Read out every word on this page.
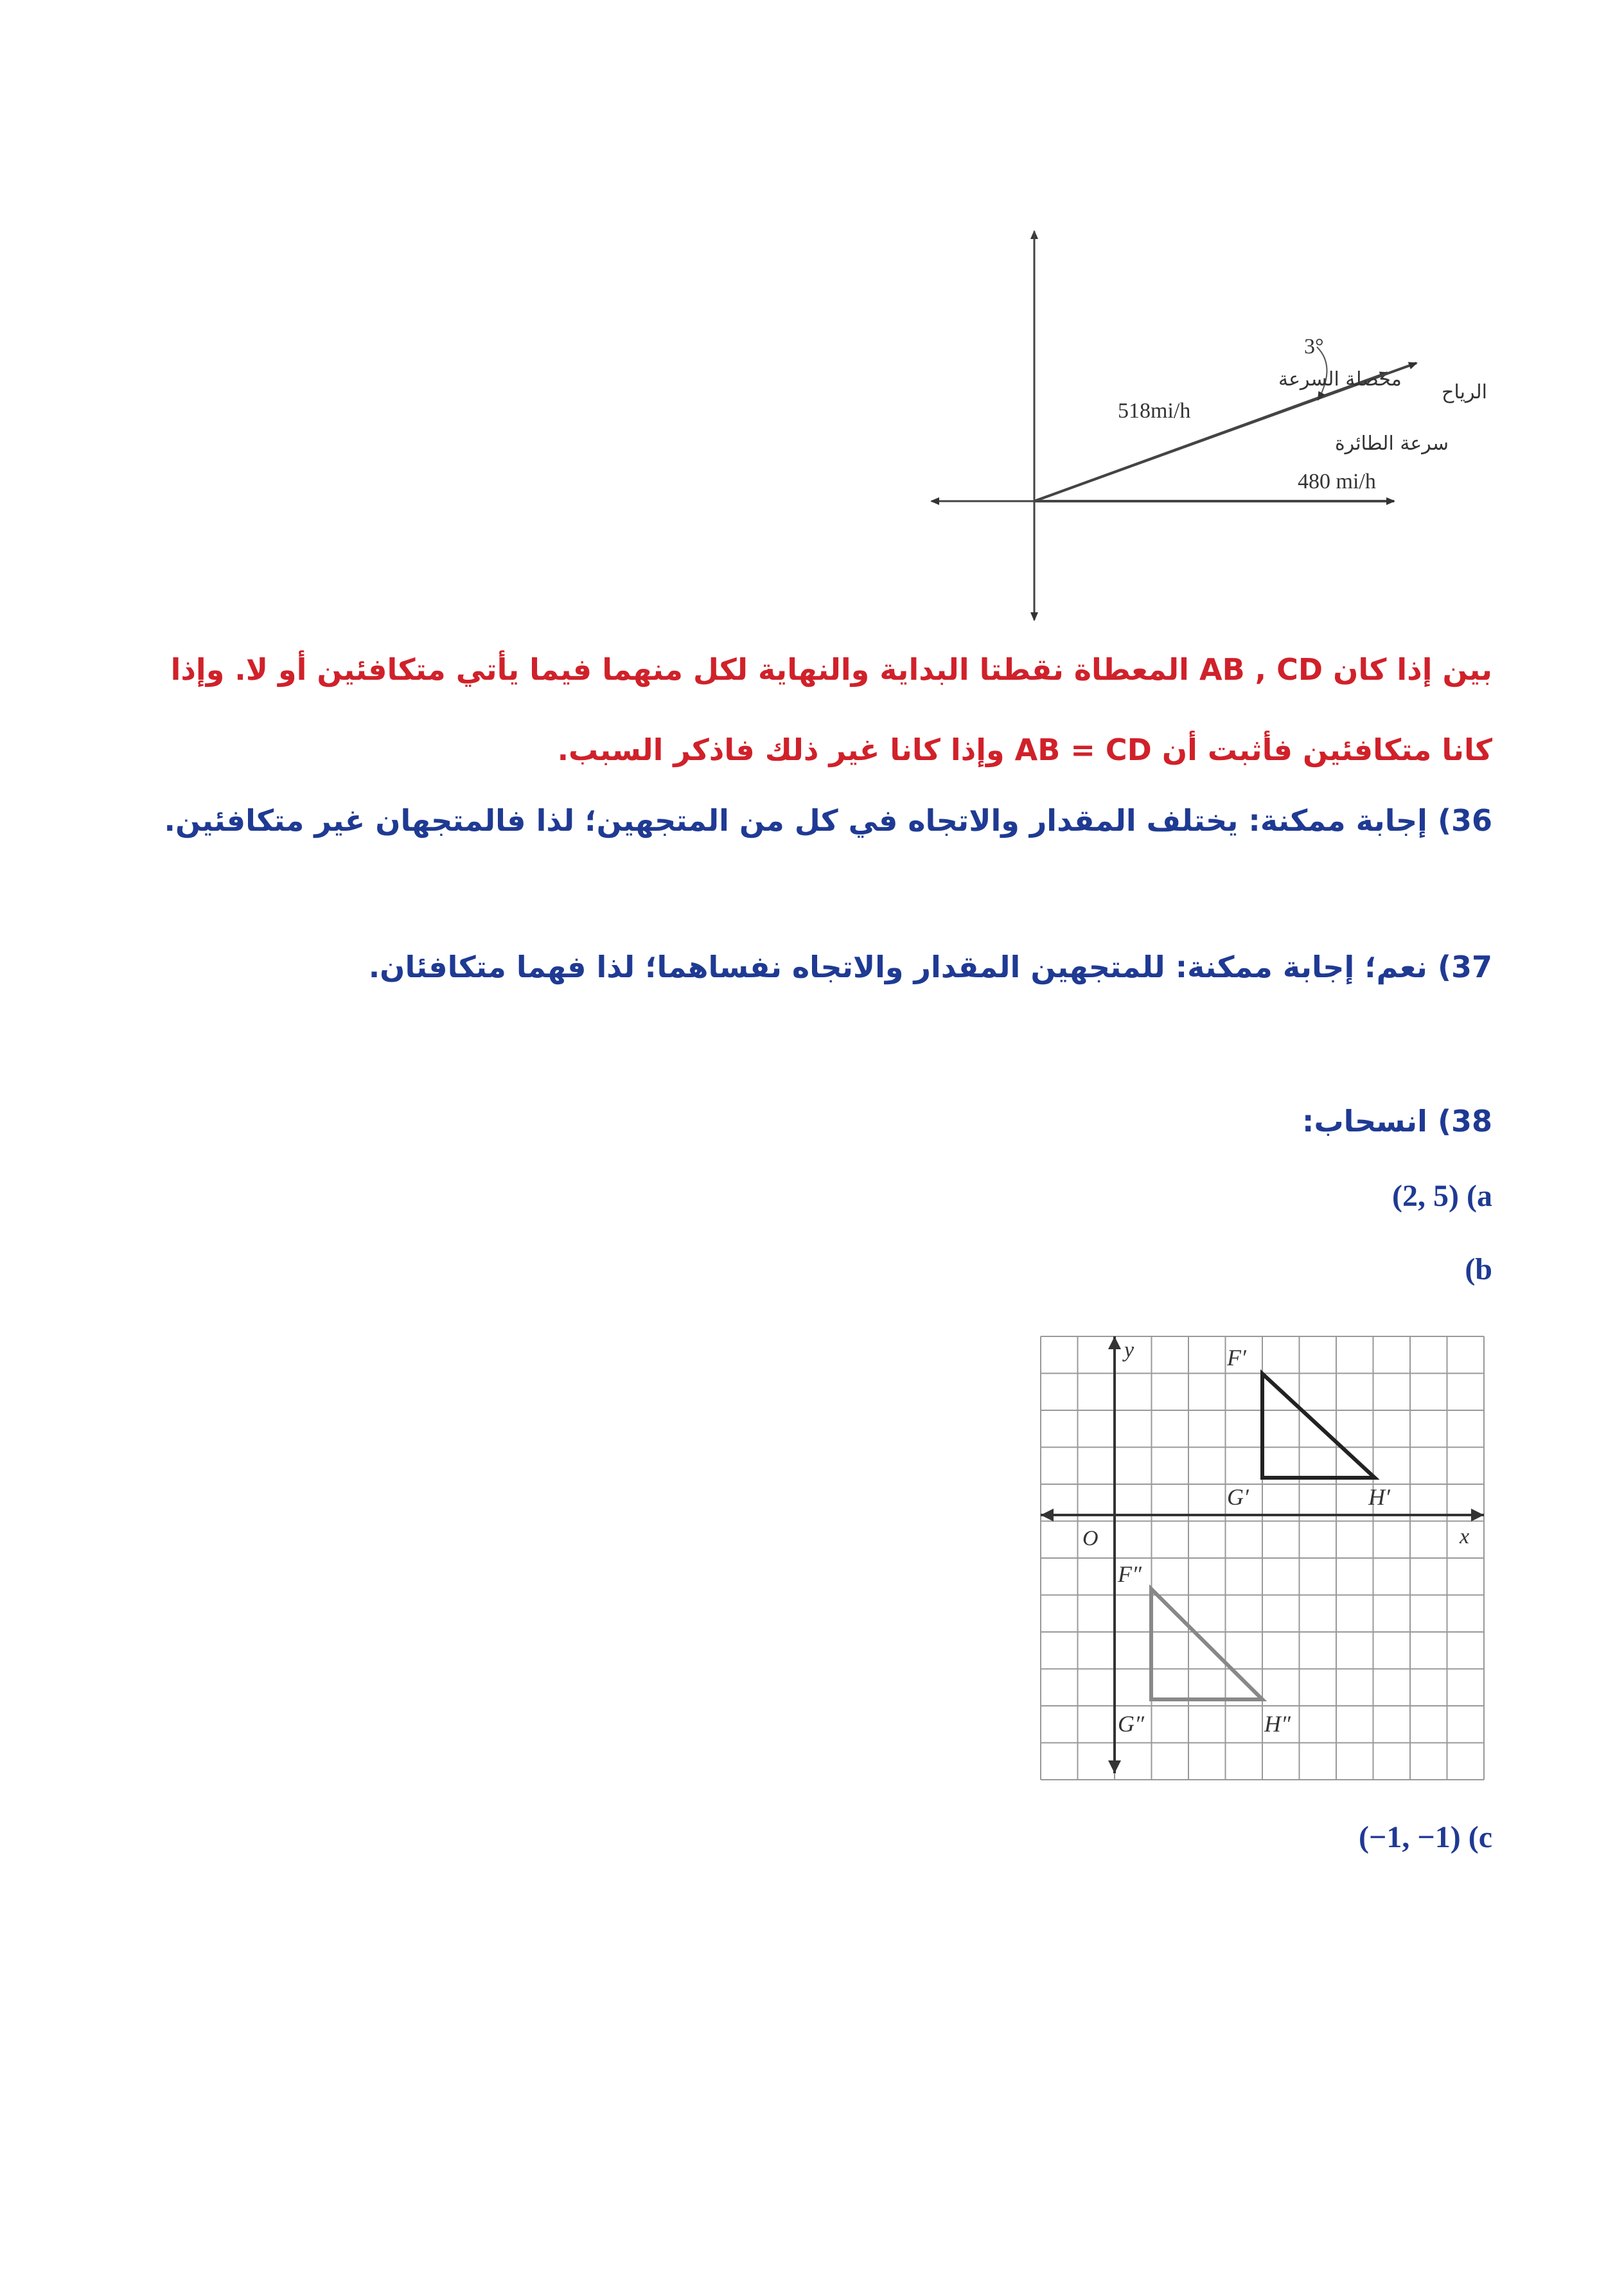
3°
محصلة السرعة
518mi/h
الرياح
سرعة الطائرة
480 mi/h
بين إذا كان AB , CD المعطاة نقطتا البداية والنهاية لكل منهما فيما يأتي متكافئين أو لا. وإذا
كانا متكافئين فأثبت أن AB = CD وإذا كانا غير ذلك فاذكر السبب.
36) إجابة ممكنة: يختلف المقدار والاتجاه في كل من المتجهين؛ لذا فالمتجهان غير متكافئين.
37) نعم؛ إجابة ممكنة: للمتجهين المقدار والاتجاه نفساهما؛ لذا فهما متكافئان.
38) انسحاب:
(2, 5) (a
(b
y
x
O
F′
G′	H′
F″
G″	H″
(−1, −1) (c
